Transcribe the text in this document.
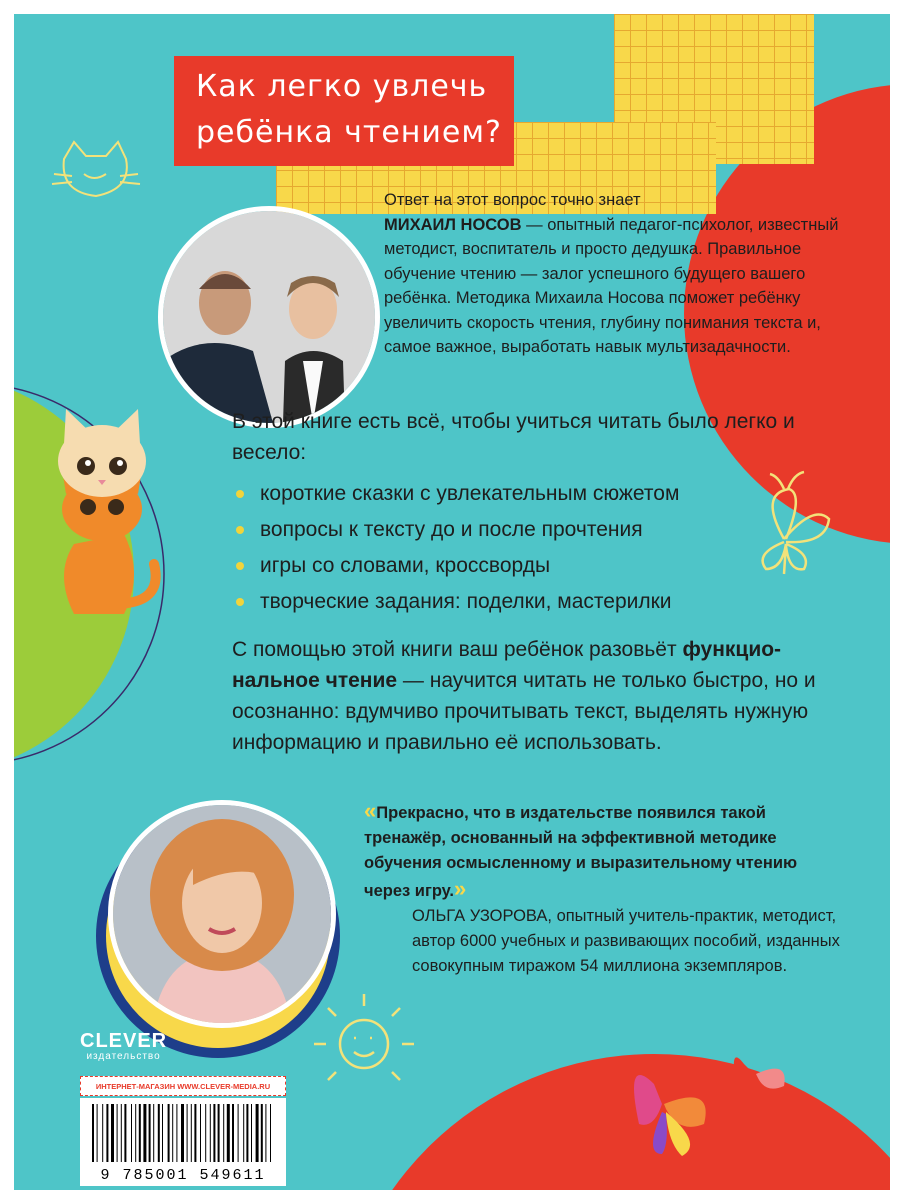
Как легко увлечь
ребёнка чтением?
Ответ на этот вопрос точно знает
МИХАИЛ НОСОВ — опытный педагог-психолог, известный методист, воспитатель и просто дедушка. Правильное обучение чтению — залог успешного будущего вашего ребёнка. Методика Михаила Носова поможет ребёнку увеличить скорость чтения, глубину понимания текста и, самое важное, выработать навык мультизадачности.
В этой книге есть всё, чтобы учиться читать было легко и весело:
короткие сказки с увлекательным сюжетом
вопросы к тексту до и после прочтения
игры со словами, кроссворды
творческие задания: поделки, мастерилки
С помощью этой книги ваш ребёнок разовьёт функцио-нальное чтение — научится читать не только быстро, но и осознанно: вдумчиво прочитывать текст, выделять нужную информацию и правильно её использовать.
«Прекрасно, что в издательстве появился такой тренажёр, основанный на эффективной методике обучения осмысленному и выразительному чтению через игру.»
ОЛЬГА УЗОРОВА, опытный учитель-практик, методист, автор 6000 учебных и развивающих пособий, изданных совокупным тиражом 54 миллиона экземпляров.
CLEVER
издательство
ИНТЕРНЕТ-МАГАЗИН WWW.CLEVER-MEDIA.RU
9 785001 549611
